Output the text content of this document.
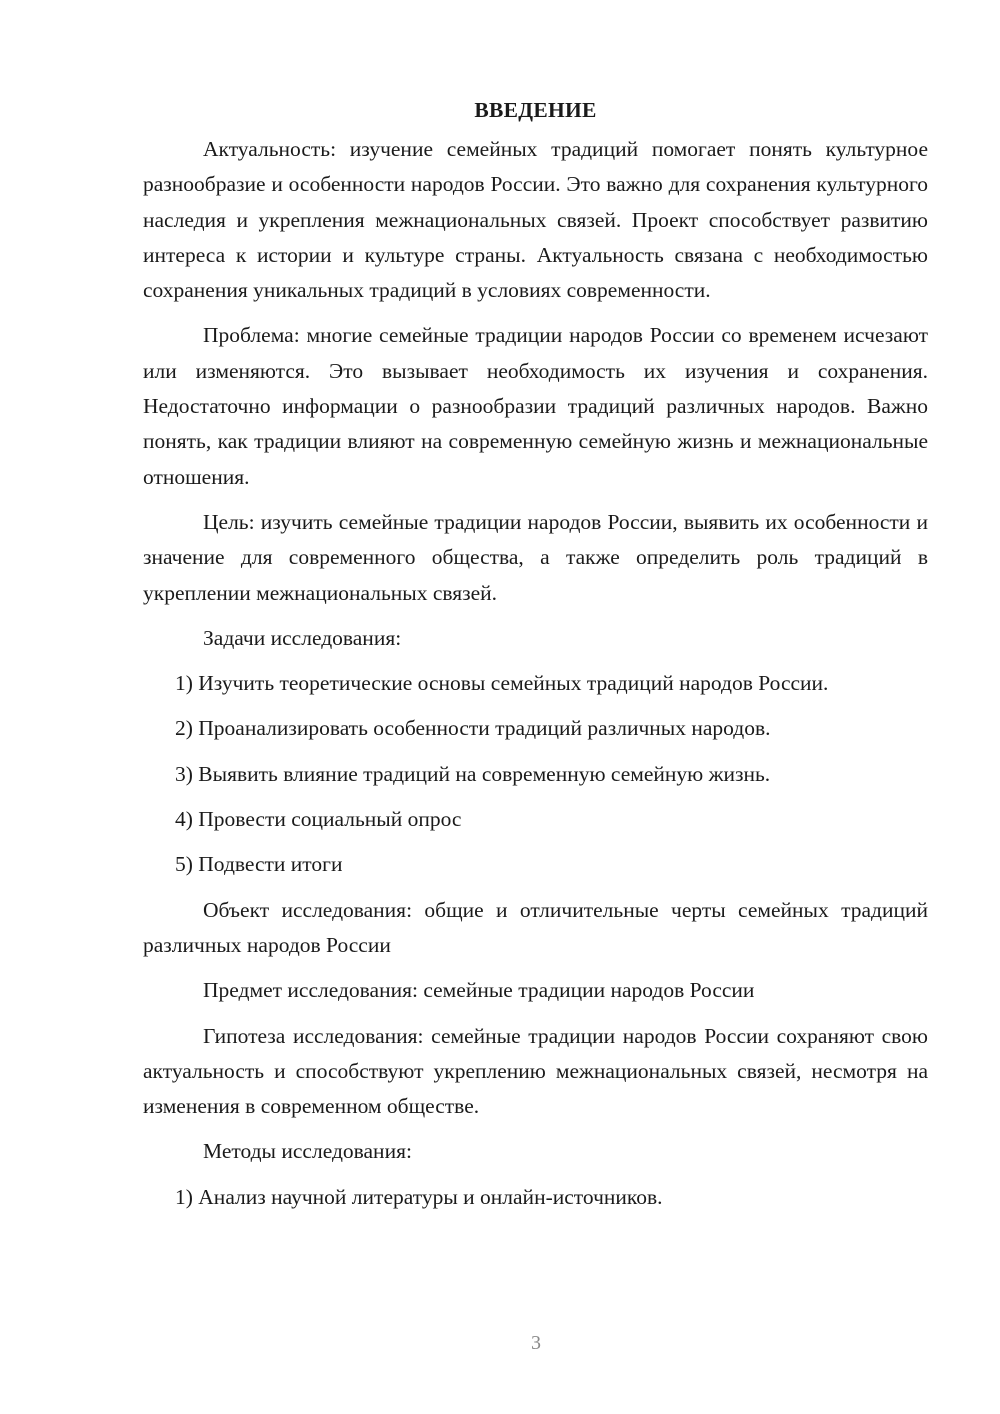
ВВЕДЕНИЕ

Актуальность: изучение семейных традиций помогает понять культурное разнообразие и особенности народов России. Это важно для сохранения культурного наследия и укрепления межнациональных связей. Проект способствует развитию интереса к истории и культуре страны. Актуальность связана с необходимостью сохранения уникальных традиций в условиях современности.

Проблема: многие семейные традиции народов России со временем исчезают или изменяются. Это вызывает необходимость их изучения и сохранения. Недостаточно информации о разнообразии традиций различных народов. Важно понять, как традиции влияют на современную семейную жизнь и межнациональные отношения.

Цель: изучить семейные традиции народов России, выявить их особенности и значение для современного общества, а также определить роль традиций в укреплении межнациональных связей.

Задачи исследования:

1) Изучить теоретические основы семейных традиций народов России.
2) Проанализировать особенности традиций различных народов.
3) Выявить влияние традиций на современную семейную жизнь.
4) Провести социальный опрос
5) Подвести итоги

Объект исследования: общие и отличительные черты семейных традиций различных народов России

Предмет исследования: семейные традиции народов России

Гипотеза исследования: семейные традиции народов России сохраняют свою актуальность и способствуют укреплению межнациональных связей, несмотря на изменения в современном обществе.

Методы исследования:

1) Анализ научной литературы и онлайн-источников.
3
